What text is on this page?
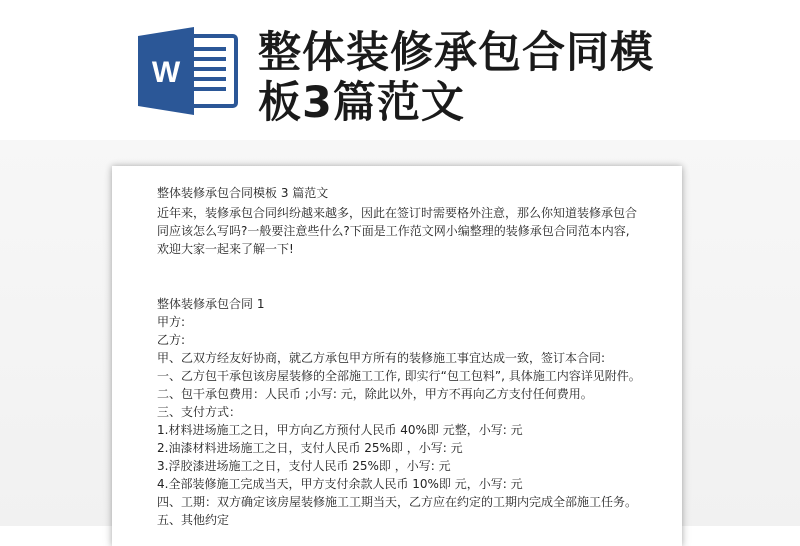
W 整体装修承包合同模
板3篇范文
整体装修承包合同模板 3 篇范文
近年来，装修承包合同纠纷越来越多，因此在签订时需要格外注意，那么你知道装修承包合
同应该怎么写吗?一般要注意些什么?下面是工作范文网小编整理的装修承包合同范本内容,
欢迎大家一起来了解一下!
整体装修承包合同 1
甲方:
乙方:
甲、乙双方经友好协商，就乙方承包甲方所有的装修施工事宜达成一致，签订本合同:
一、乙方包干承包该房屋装修的全部施工工作, 即实行“包工包料”, 具体施工内容详见附件。
二、包干承包费用：人民币 ;小写: 元，除此以外，甲方不再向乙方支付任何费用。
三、支付方式：
1.材料进场施工之日，甲方向乙方预付人民币 40%即 元整，小写: 元
2.油漆材料进场施工之日，支付人民币 25%即 ，小写: 元
3.浮胶漆进场施工之日，支付人民币 25%即 ，小写: 元
4.全部装修施工完成当天，甲方支付余款人民币 10%即 元，小写: 元
四、工期：双方确定该房屋装修施工工期当天，乙方应在约定的工期内完成全部施工任务。
五、其他约定
